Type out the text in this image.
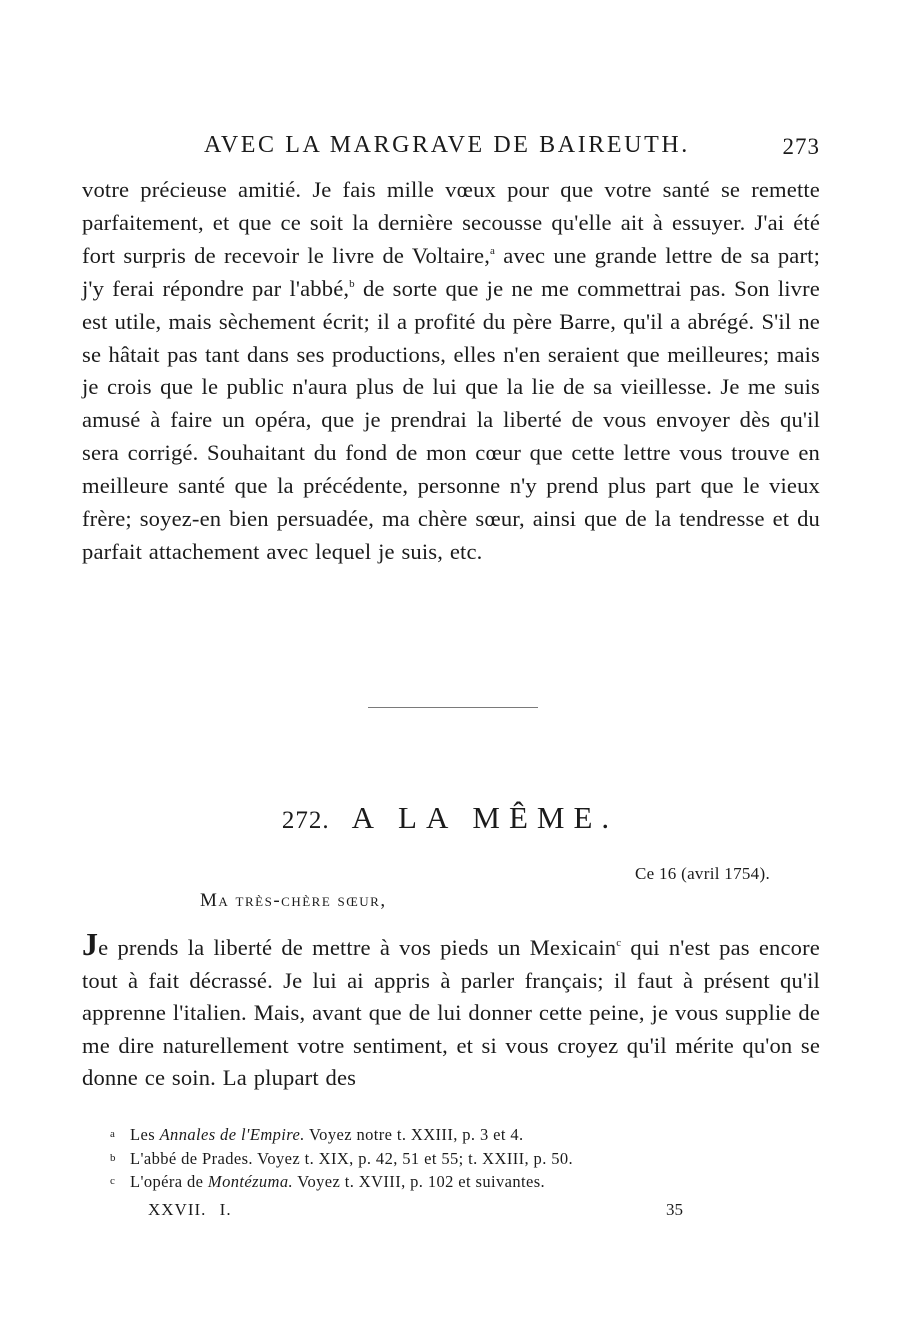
AVEC LA MARGRAVE DE BAIREUTH.	273

votre précieuse amitié. Je fais mille vœux pour que votre santé se remette parfaitement, et que ce soit la dernière secousse qu'elle ait à essuyer. J'ai été fort surpris de recevoir le livre de Voltaire,$^a$ avec une grande lettre de sa part; j'y ferai répondre par l'abbé,$^b$ de sorte que je ne me commettrai pas. Son livre est utile, mais sèchement écrit; il a profité du père Barre, qu'il a abrégé. S'il ne se hâtait pas tant dans ses productions, elles n'en seraient que meilleures; mais je crois que le public n'aura plus de lui que la lie de sa vieillesse. Je me suis amusé à faire un opéra, que je prendrai la liberté de vous envoyer dès qu'il sera corrigé. Souhaitant du fond de mon cœur que cette lettre vous trouve en meilleure santé que la précédente, personne n'y prend plus part que le vieux frère; soyez-en bien persuadée, ma chère sœur, ainsi que de la tendresse et du parfait attachement avec lequel je suis, etc.

272. A LA MÊME.
Ce 16 (avril 1754).
Ma très-chère sœur,

Je prends la liberté de mettre à vos pieds un Mexicain$^c$ qui n'est pas encore tout à fait décrassé. Je lui ai appris à parler français; il faut à présent qu'il apprenne l'italien. Mais, avant que de lui donner cette peine, je vous supplie de me dire naturellement votre sentiment, et si vous croyez qu'il mérite qu'on se donne ce soin. La plupart des

a Les Annales de l'Empire. Voyez notre t. XXIII, p. 3 et 4.

b L'abbé de Prades. Voyez t. XIX, p. 42, 51 et 55; t. XXIII, p. 50.

c L'opéra de Montézuma. Voyez t. XVIII, p. 102 et suivantes.

XXVII. I.	35
